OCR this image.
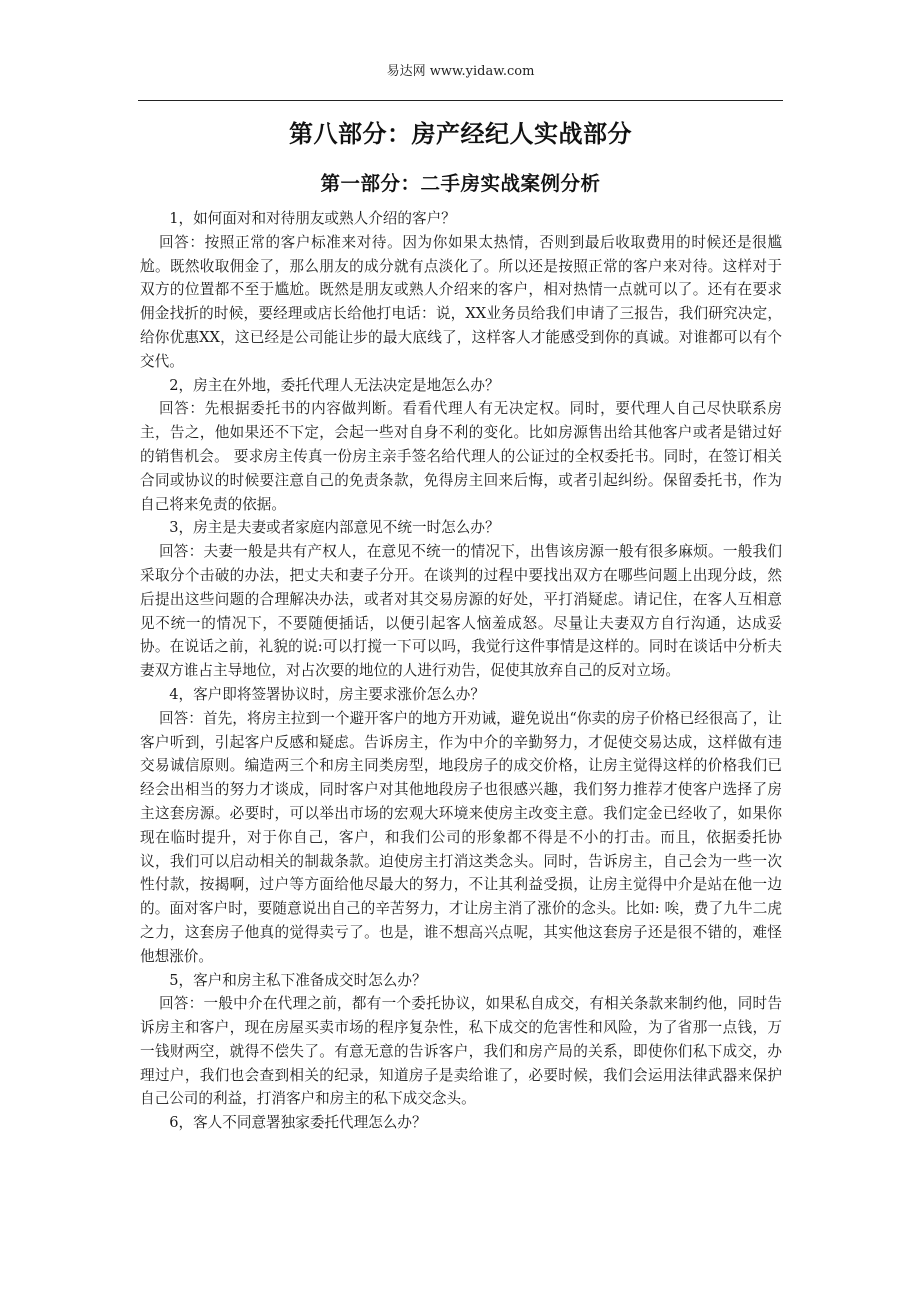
易达网 www.yidaw.com
第八部分：房产经纪人实战部分
第一部分：二手房实战案例分析

1，如何面对和对待朋友或熟人介绍的客户？

回答：按照正常的客户标准来对待。因为你如果太热情，否则到最后收取费用的时候还是很尴尬。既然收取佣金了，那么朋友的成分就有点淡化了。所以还是按照正常的客户来对待。这样对于双方的位置都不至于尴尬。既然是朋友或熟人介绍来的客户，相对热情一点就可以了。还有在要求佣金找折的时候，要经理或店长给他打电话：说，XX业务员给我们申请了三报告，我们研究决定，给你优惠XX，这已经是公司能让步的最大底线了，这样客人才能感受到你的真诚。对谁都可以有个交代。

2，房主在外地，委托代理人无法决定是地怎么办？

回答：先根据委托书的内容做判断。看看代理人有无决定权。同时，要代理人自己尽快联系房主，告之，他如果还不下定，会起一些对自身不利的变化。比如房源售出给其他客户或者是错过好的销售机会。 要求房主传真一份房主亲手签名给代理人的公证过的全权委托书。同时，在签订相关合同或协议的时候要注意自己的免责条款，免得房主回来后悔，或者引起纠纷。保留委托书，作为自己将来免责的依据。

3，房主是夫妻或者家庭内部意见不统一时怎么办？

回答：夫妻一般是共有产权人，在意见不统一的情况下，出售该房源一般有很多麻烦。一般我们采取分个击破的办法，把丈夫和妻子分开。在谈判的过程中要找出双方在哪些问题上出现分歧，然后提出这些问题的合理解决办法，或者对其交易房源的好处，平打消疑虑。请记住，在客人互相意见不统一的情况下，不要随便插话，以便引起客人恼羞成怒。尽量让夫妻双方自行沟通，达成妥协。在说话之前，礼貌的说:可以打搅一下可以吗，我觉行这件事情是这样的。同时在谈话中分析夫妻双方谁占主导地位，对占次要的地位的人进行劝告，促使其放弃自己的反对立场。

4，客户即将签署协议时，房主要求涨价怎么办？

回答：首先，将房主拉到一个避开客户的地方开劝诫，避免说出“你卖的房子价格已经很高了，让客户听到，引起客户反感和疑虑。告诉房主，作为中介的辛勤努力，才促使交易达成，这样做有违交易诚信原则。编造两三个和房主同类房型，地段房子的成交价格，让房主觉得这样的价格我们已经会出相当的努力才谈成，同时客户对其他地段房子也很感兴趣，我们努力推荐才使客户选择了房主这套房源。必要时，可以举出市场的宏观大环境来使房主改变主意。我们定金已经收了，如果你现在临时提升，对于你自己，客户，和我们公司的形象都不得是不小的打击。而且，依据委托协议，我们可以启动相关的制裁条款。迫使房主打消这类念头。同时，告诉房主，自己会为一些一次性付款，按揭啊，过户等方面给他尽最大的努力，不让其利益受损，让房主觉得中介是站在他一边的。面对客户时，要随意说出自己的辛苦努力，才让房主消了涨价的念头。比如: 唉，费了九牛二虎之力，这套房子他真的觉得卖亏了。也是，谁不想高兴点呢，其实他这套房子还是很不错的，难怪他想涨价。

5，客户和房主私下准备成交时怎么办？

回答：一般中介在代理之前，都有一个委托协议，如果私自成交，有相关条款来制约他，同时告诉房主和客户，现在房屋买卖市场的程序复杂性，私下成交的危害性和风险，为了省那一点钱，万一钱财两空，就得不偿失了。有意无意的告诉客户，我们和房产局的关系，即使你们私下成交，办理过户，我们也会查到相关的纪录，知道房子是卖给谁了，必要时候，我们会运用法律武器来保护自己公司的利益，打消客户和房主的私下成交念头。

6，客人不同意署独家委托代理怎么办？
